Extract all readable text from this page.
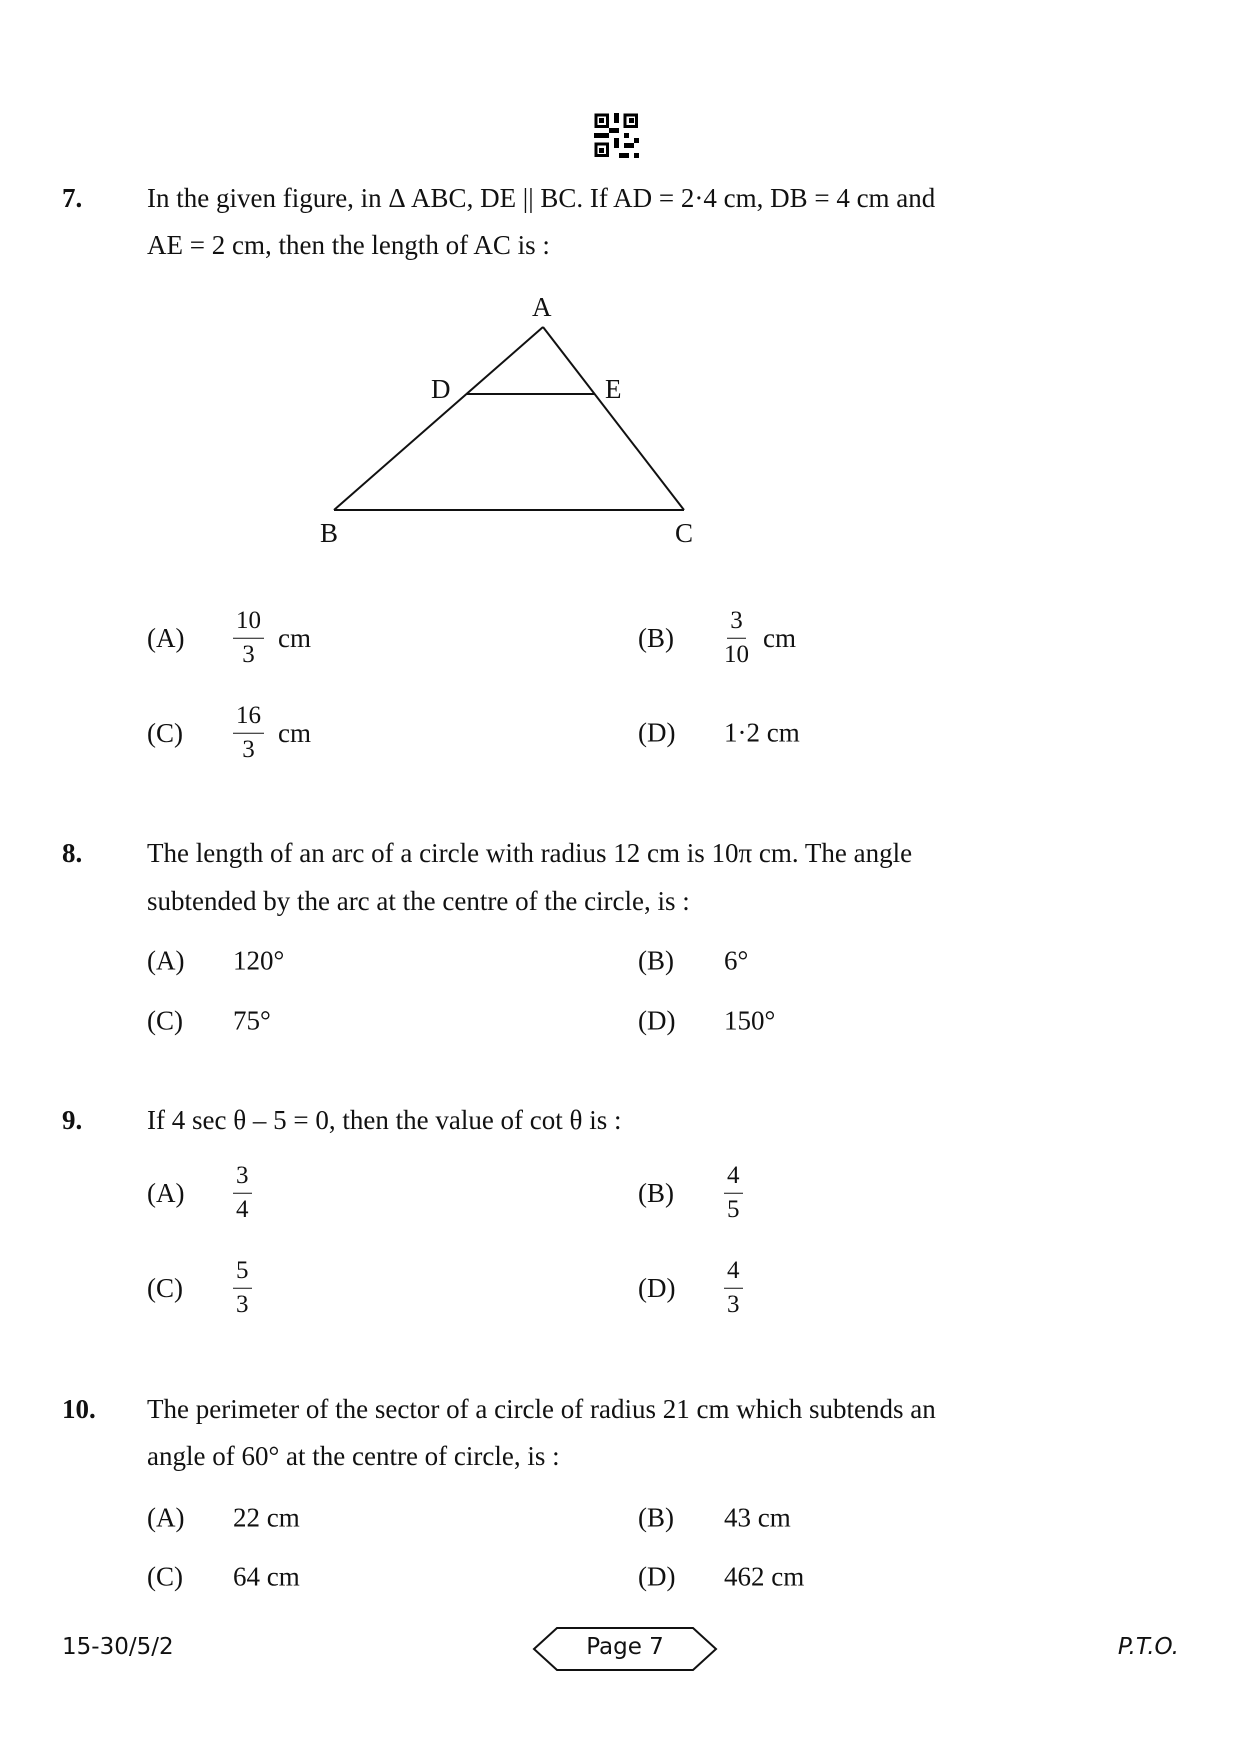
7. In the given figure, in Δ ABC, DE || BC. If AD = 2·4 cm, DB = 4 cm and
AE = 2 cm, then the length of AC is :
A
D	E
B	C
(A)	$\frac{10}{3}$ cm	(B)	$\frac{3}{10}$ cm
(C)	$\frac{16}{3}$ cm	(D)	1·2 cm
8. The length of an arc of a circle with radius 12 cm is 10π cm. The angle
subtended by the arc at the centre of the circle, is :
(A)	120°	(B)	6°
(C)	75°	(D)	150°
9. If 4 sec θ – 5 = 0, then the value of cot θ is :
(A)	$\frac{3}{4}$	(B)	$\frac{4}{5}$
(C)	$\frac{5}{3}$	(D)	$\frac{4}{3}$
10. The perimeter of the sector of a circle of radius 21 cm which subtends an
angle of 60° at the centre of circle, is :
(A)	22 cm	(B)	43 cm
(C)	64 cm	(D)	462 cm
15-30/5/2	Page 7	P.T.O.
